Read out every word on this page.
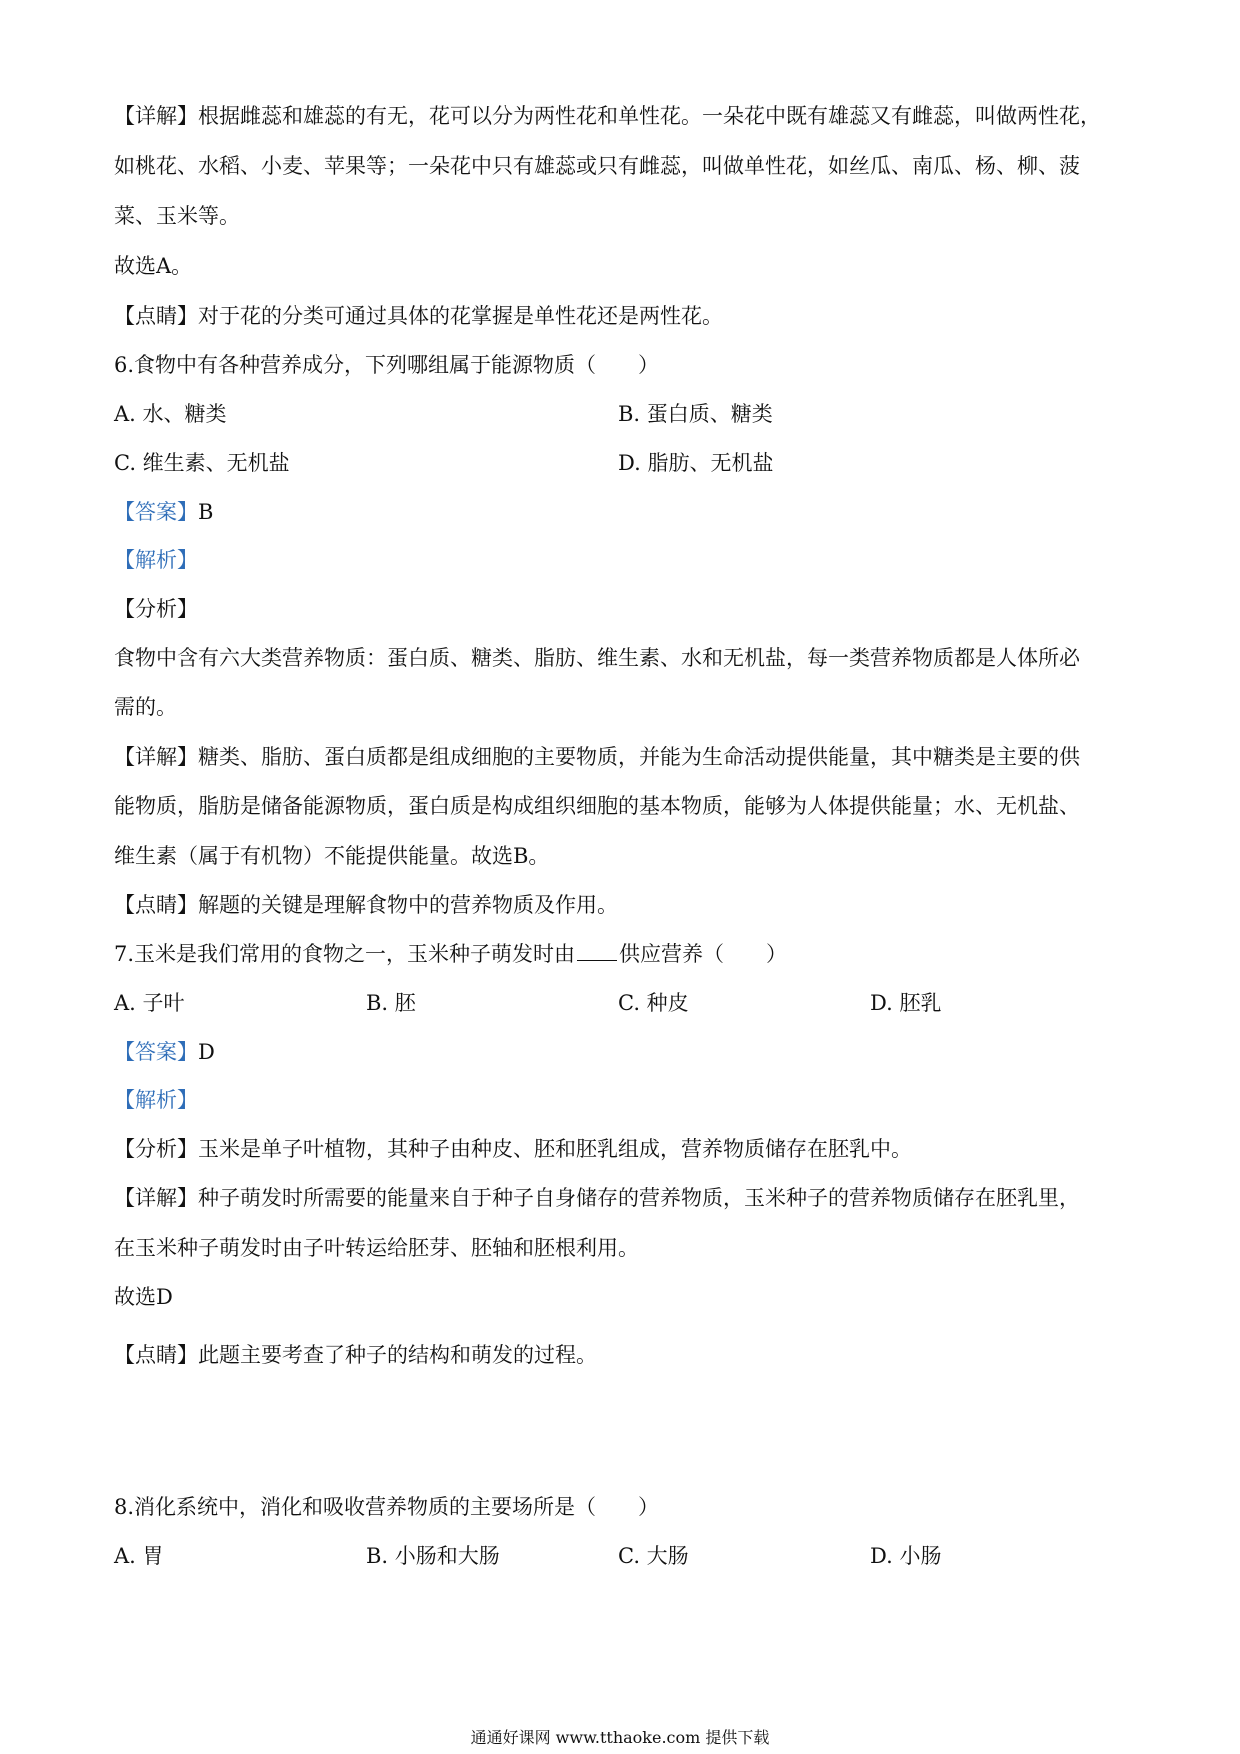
【详解】根据雌蕊和雄蕊的有无，花可以分为两性花和单性花。一朵花中既有雄蕊又有雌蕊，叫做两性花，
如桃花、水稻、小麦、苹果等；一朵花中只有雄蕊或只有雌蕊，叫做单性花，如丝瓜、南瓜、杨、柳、菠
菜、玉米等。
故选A。
【点睛】对于花的分类可通过具体的花掌握是单性花还是两性花。
6.食物中有各种营养成分，下列哪组属于能源物质（　　）
A. 水、糖类	B. 蛋白质、糖类
C. 维生素、无机盐	D. 脂肪、无机盐
【答案】B
【解析】
【分析】
食物中含有六大类营养物质：蛋白质、糖类、脂肪、维生素、水和无机盐，每一类营养物质都是人体所必
需的。
【详解】糖类、脂肪、蛋白质都是组成细胞的主要物质，并能为生命活动提供能量，其中糖类是主要的供
能物质，脂肪是储备能源物质，蛋白质是构成组织细胞的基本物质，能够为人体提供能量；水、无机盐、
维生素（属于有机物）不能提供能量。故选B。
【点睛】解题的关键是理解食物中的营养物质及作用。
7.玉米是我们常用的食物之一，玉米种子萌发时由 供应营养（　　）
A. 子叶	B. 胚	C. 种皮	D. 胚乳
【答案】D
【解析】
【分析】玉米是单子叶植物，其种子由种皮、胚和胚乳组成，营养物质储存在胚乳中。
【详解】种子萌发时所需要的能量来自于种子自身储存的营养物质，玉米种子的营养物质储存在胚乳里，
在玉米种子萌发时由子叶转运给胚芽、胚轴和胚根利用。
故选D
【点睛】此题主要考查了种子的结构和萌发的过程。
8.消化系统中，消化和吸收营养物质的主要场所是（　　）
A. 胃	B. 小肠和大肠	C. 大肠	D. 小肠
通通好课网 www.tthaoke.com 提供下载
